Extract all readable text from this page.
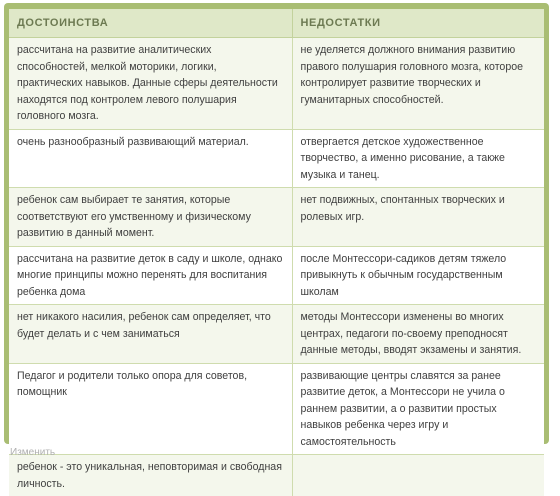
ДОСТОИНСТВА	НЕДОСТАТКИ
рассчитана на развитие аналитических способностей, мелкой моторики, логики, практических навыков. Данные сферы деятельности находятся под контролем левого полушария головного мозга.	не уделяется должного внимания развитию правого полушария головного мозга, которое контролирует развитие творческих и гуманитарных способностей.
очень разнообразный развивающий материал.	отвергается детское художественное творчество, а именно рисование, а также музыка и танец.
ребенок сам выбирает те занятия, которые соответствуют его умственному и физическому развитию в данный момент.	нет подвижных, спонтанных творческих и ролевых игр.
рассчитана на развитие деток в саду и школе, однако многие принципы можно перенять для воспитания ребенка дома	после Монтессори-садиков детям тяжело привыкнуть к обычным государственным школам
нет никакого насилия, ребенок сам определяет, что будет делать и с чем заниматься	методы Монтессори изменены во многих центрах, педагоги по-своему преподносят данные методы, вводят экзамены и занятия.
Педагог и родители только опора для советов, помощник	развивающие центры славятся за ранее развитие деток, а Монтессори не учила о раннем развитии, а о развитии простых навыков ребенка через игру и самостоятельность
ребенок - это уникальная, неповторимая и свободная личность.	
Изменить
